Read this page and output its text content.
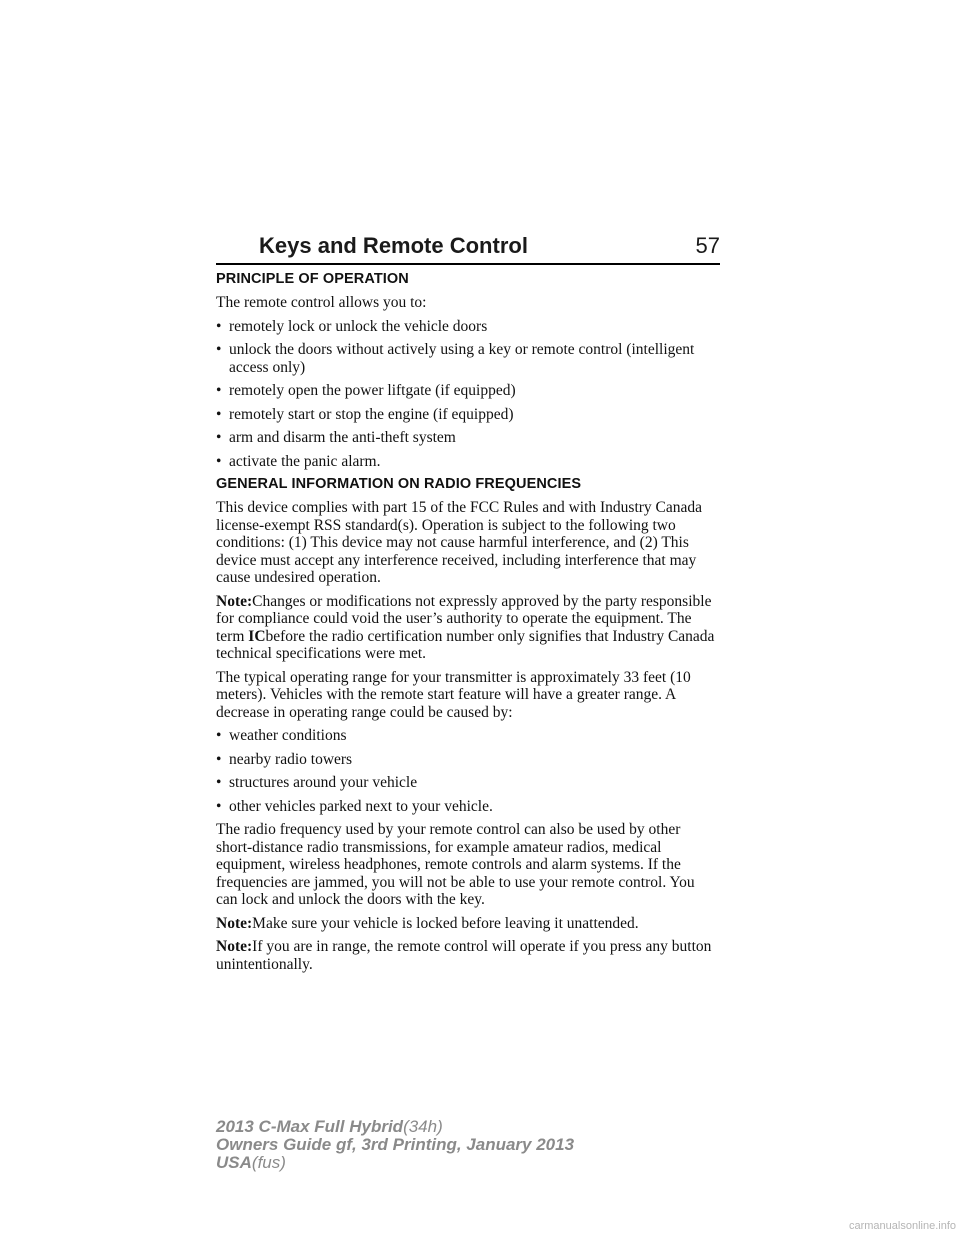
Keys and Remote Control	57
PRINCIPLE OF OPERATION

The remote control allows you to:

• remotely lock or unlock the vehicle doors
• unlock the doors without actively using a key or remote control (intelligent access only)
• remotely open the power liftgate (if equipped)
• remotely start or stop the engine (if equipped)
• arm and disarm the anti-theft system
• activate the panic alarm.
GENERAL INFORMATION ON RADIO FREQUENCIES

This device complies with part 15 of the FCC Rules and with Industry Canada license-exempt RSS standard(s). Operation is subject to the following two conditions: (1) This device may not cause harmful interference, and (2) This device must accept any interference received, including interference that may cause undesired operation.

Note:Changes or modifications not expressly approved by the party responsible for compliance could void the user’s authority to operate the equipment. The term ICbefore the radio certification number only signifies that Industry Canada technical specifications were met.

The typical operating range for your transmitter is approximately 33 feet (10 meters). Vehicles with the remote start feature will have a greater range. A decrease in operating range could be caused by:

• weather conditions
• nearby radio towers
• structures around your vehicle
• other vehicles parked next to your vehicle.

The radio frequency used by your remote control can also be used by other short-distance radio transmissions, for example amateur radios, medical equipment, wireless headphones, remote controls and alarm systems. If the frequencies are jammed, you will not be able to use your remote control. You can lock and unlock the doors with the key.

Note:Make sure your vehicle is locked before leaving it unattended.

Note:If you are in range, the remote control will operate if you press any button unintentionally.

2013 C-Max Full Hybrid(34h)
Owners Guide gf, 3rd Printing, January 2013
USA(fus)
carmanualsonline.info
